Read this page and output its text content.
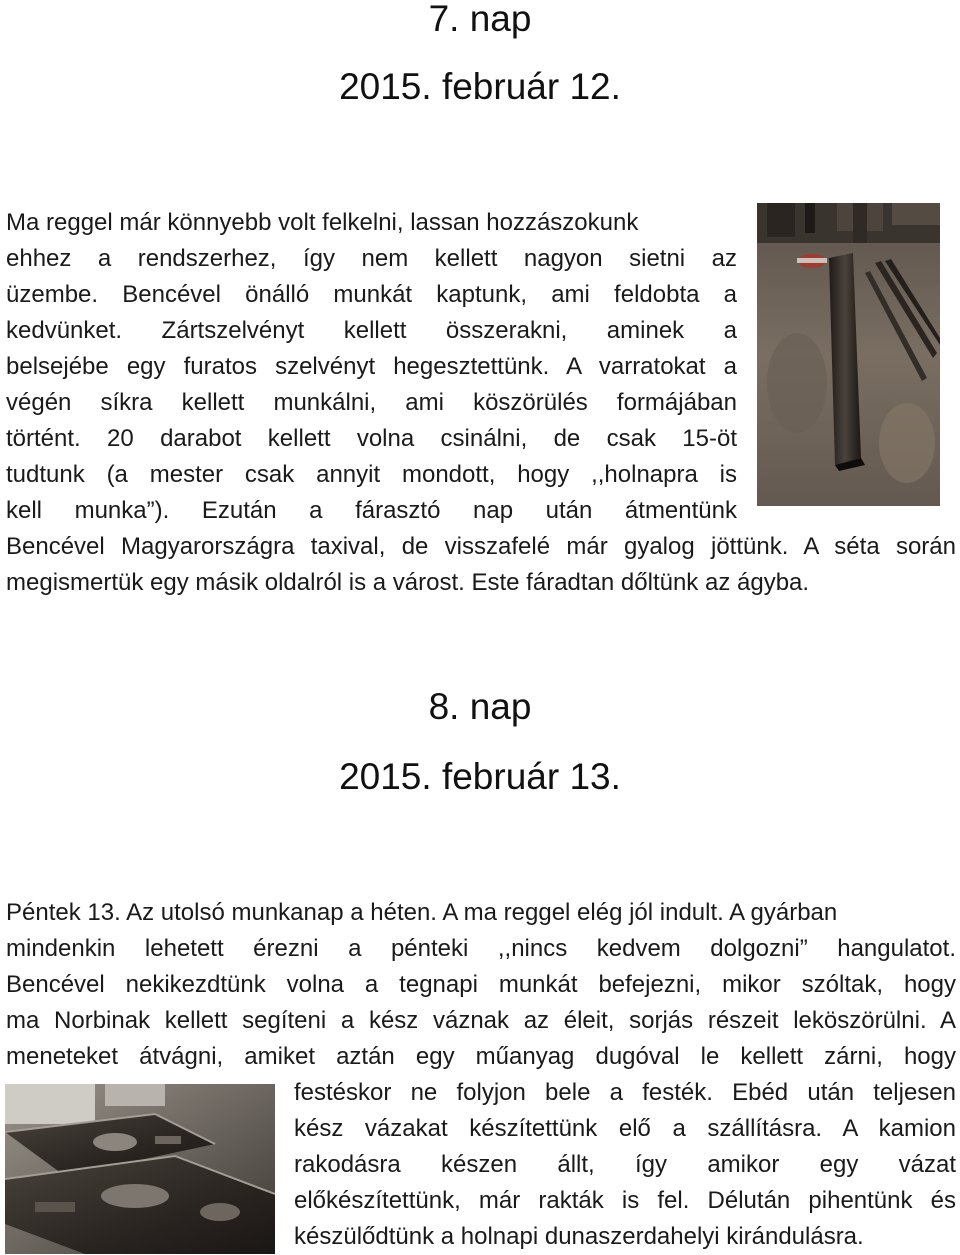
7. nap
2015. február 12.
Ma reggel már könnyebb volt felkelni, lassan hozzászokunk
ehhez a rendszerhez, így nem kellett nagyon sietni az
üzembe. Bencével önálló munkát kaptunk, ami feldobta a
kedvünket. Zártszelvényt kellett összerakni, aminek a
belsejébe egy furatos szelvényt hegesztettünk. A varratokat a
végén síkra kellett munkálni, ami köszörülés formájában
történt. 20 darabot kellett volna csinálni, de csak 15-öt
tudtunk (a mester csak annyit mondott, hogy ,,holnapra is
kell munka”). Ezután a fárasztó nap után átmentünk
Bencével Magyarországra taxival, de visszafelé már gyalog jöttünk. A séta során
megismertük egy másik oldalról is a várost. Este fáradtan dőltünk az ágyba.
8. nap
2015. február 13.
Péntek 13. Az utolsó munkanap a héten. A ma reggel elég jól indult. A gyárban
mindenkin lehetett érezni a pénteki ,,nincs kedvem dolgozni” hangulatot.
Bencével nekikezdtünk volna a tegnapi munkát befejezni, mikor szóltak, hogy
ma Norbinak kellett segíteni a kész váznak az éleit, sorjás részeit leköszörülni. A
meneteket átvágni, amiket aztán egy műanyag dugóval le kellett zárni, hogy
festéskor ne folyjon bele a festék. Ebéd után teljesen
kész vázakat készítettünk elő a szállításra. A kamion
rakodásra készen állt, így amikor egy vázat
előkészítettünk, már rakták is fel. Délután pihentünk és
készülődtünk a holnapi dunaszerdahelyi kirándulásra.
